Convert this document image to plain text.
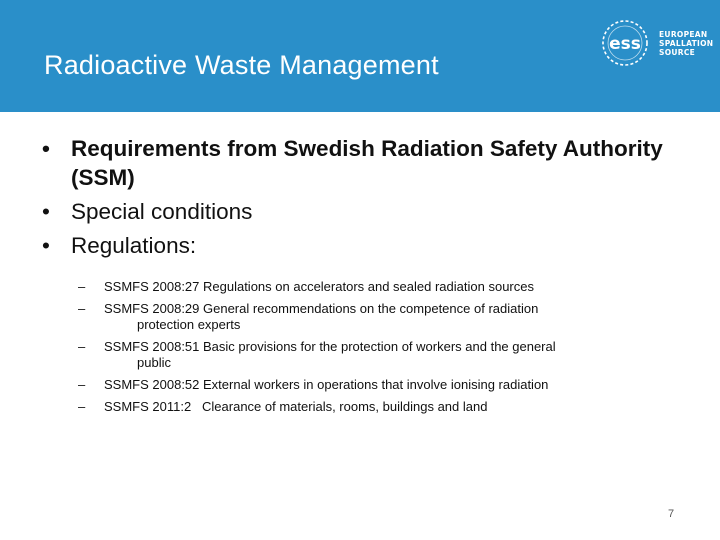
Radioactive Waste Management
ess EUROPEAN
SPALLATION
SOURCE
• Requirements from Swedish Radiation Safety Authority (SSM)
• Special conditions
• Regulations:
– SSMFS 2008:27 Regulations on accelerators and sealed radiation sources
– SSMFS 2008:29 General recommendations on the competence of radiation
protection experts
– SSMFS 2008:51 Basic provisions for the protection of workers and the general
public
– SSMFS 2008:52 External workers in operations that involve ionising radiation
– SSMFS 2011:2   Clearance of materials, rooms, buildings and land
7
